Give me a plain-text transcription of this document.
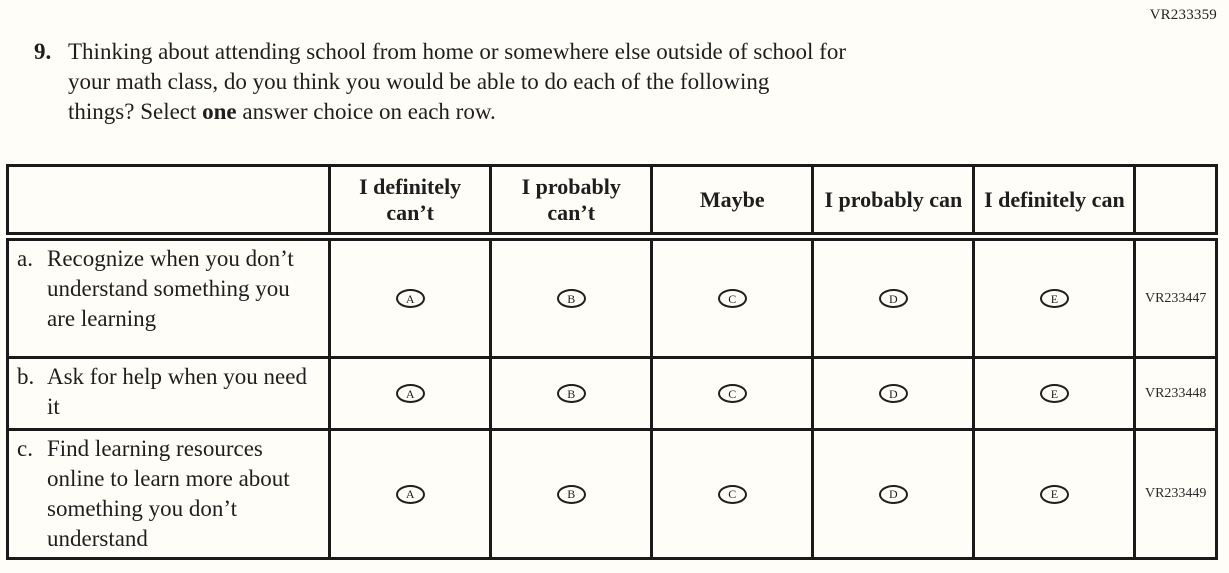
VR233359
9. Thinking about attending school from home or somewhere else outside of school for
your math class, do you think you would be able to do each of the following
things? Select one answer choice on each row.
	I definitely can’t	I probably can’t	Maybe	I probably can	I definitely can	
a. Recognize when you don’t understand something you are learning	A	B	C	D	E	VR233447
b. Ask for help when you need it	A	B	C	D	E	VR233448
c. Find learning resources online to learn more about something you don’t understand	A	B	C	D	E	VR233449
